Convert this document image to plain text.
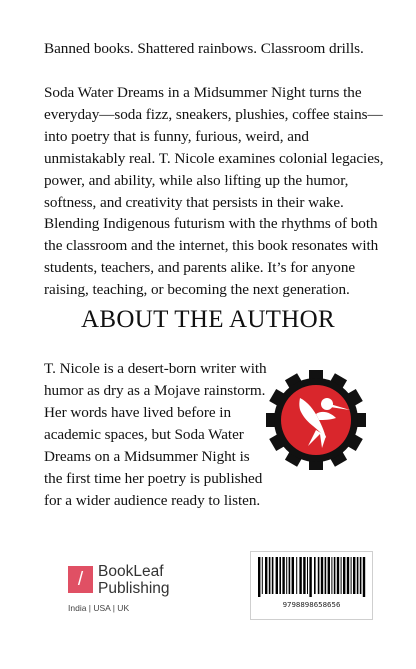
Banned books. Shattered rainbows. Classroom drills.

Soda Water Dreams in a Midsummer Night turns the everyday—soda fizz, sneakers, plushies, coffee stains—into poetry that is funny, furious, weird, and unmistakably real. T. Nicole examines colonial legacies, power, and ability, while also lifting up the humor, softness, and creativity that persists in their wake.

Blending Indigenous futurism with the rhythms of both the classroom and the internet, this book resonates with students, teachers, and parents alike. It’s for anyone raising, teaching, or becoming the next generation.

ABOUT THE AUTHOR

T. Nicole is a desert-born writer with humor as dry as a Mojave rainstorm. Her words have lived before in academic spaces, but Soda Water Dreams on a Midsummer Night is the first time her poetry is published for a wider audience ready to listen.

/ BookLeaf
Publishing
India | USA | UK	9798898658656
